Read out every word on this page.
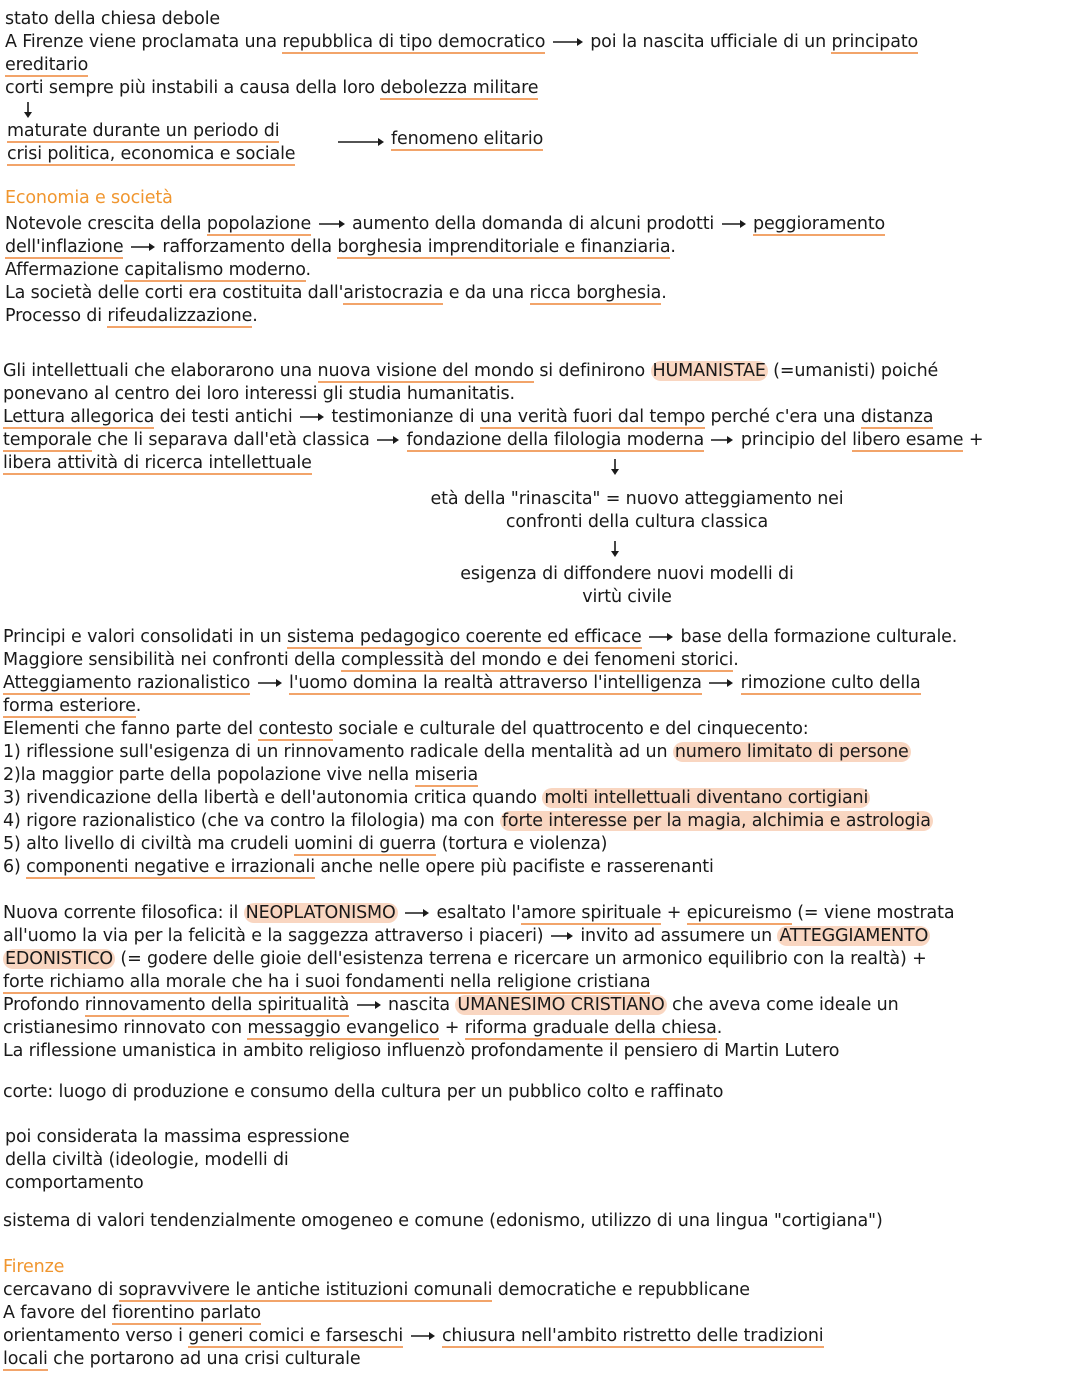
stato della chiesa debole
A Firenze viene proclamata una repubblica di tipo democratico	poi la nascita ufficiale di un principato
ereditario
corti sempre più instabili a causa della loro debolezza militare
maturate durante un periodo di
crisi politica, economica e sociale
fenomeno elitario
Economia e società
Notevole crescita della popolazione  aumento della domanda di alcuni prodotti peggioramento
dell'inflazione  rafforzamento della borghesia imprenditoriale e finanziaria.
Affermazione capitalismo moderno.
La società delle corti era costituita dall'aristocrazia e da una ricca borghesia.
Processo di rifeudalizzazione.
Gli intellettuali che elaborarono una nuova visione del mondo si definirono HUMANISTAE (=umanisti) poiché
ponevano al centro dei loro interessi gli studia humanitatis.
Lettura allegorica dei testi antichi  testimonianze di una verità fuori dal tempo perché c'era una distanza
temporale che li separava dall'età classica  fondazione della filologia moderna  principio del libero esame +
libera attività di ricerca intellettuale
età della "rinascita" = nuovo atteggiamento nei
confronti della cultura classica
esigenza di diffondere nuovi modelli di
virtù civile
Principi e valori consolidati in un sistema pedagogico coerente ed efficace  base della formazione culturale.
Maggiore sensibilità nei confronti della complessità del mondo e dei fenomeni storici.
Atteggiamento razionalistico  l'uomo domina la realtà attraverso l'intelligenza rimozione culto della
forma esteriore.
Elementi che fanno parte del contesto sociale e culturale del quattrocento e del cinquecento:
1) riflessione sull'esigenza di un rinnovamento radicale della mentalità ad un numero limitato di persone
2)la maggior parte della popolazione vive nella miseria
3) rivendicazione della libertà e dell'autonomia critica quando molti intellettuali diventano cortigiani
4) rigore razionalistico (che va contro la filologia) ma con forte interesse per la magia, alchimia e astrologia
5) alto livello di civiltà ma crudeli uomini di guerra (tortura e violenza)
6) componenti negative e irrazionali anche nelle opere più pacifiste e rasserenanti
Nuova corrente filosofica: il NEOPLATONISMO  esaltato l'amore spirituale + epicureismo (= viene mostrata
all'uomo la via per la felicità e la saggezza attraverso i piaceri)  invito ad assumere un ATTEGGIAMENTO
EDONISTICO (= godere delle gioie dell'esistenza terrena e ricercare un armonico equilibrio con la realtà) +
forte richiamo alla morale che ha i suoi fondamenti nella religione cristiana
Profondo rinnovamento della spiritualità  nascita UMANESIMO CRISTIANO che aveva come ideale un
cristianesimo rinnovato con messaggio evangelico + riforma graduale della chiesa.
La riflessione umanistica in ambito religioso influenzò profondamente il pensiero di Martin Lutero
corte: luogo di produzione e consumo della cultura per un pubblico colto e raffinato
poi considerata la massima espressione
della civiltà (ideologie, modelli di
comportamento
sistema di valori tendenzialmente omogeneo e comune (edonismo, utilizzo di una lingua "cortigiana")
Firenze
cercavano di sopravvivere le antiche istituzioni comunali democratiche e repubblicane
A favore del fiorentino parlato
orientamento verso i generi comici e farseschi chiusura nell'ambito ristretto delle tradizioni
locali che portarono ad una crisi culturale
